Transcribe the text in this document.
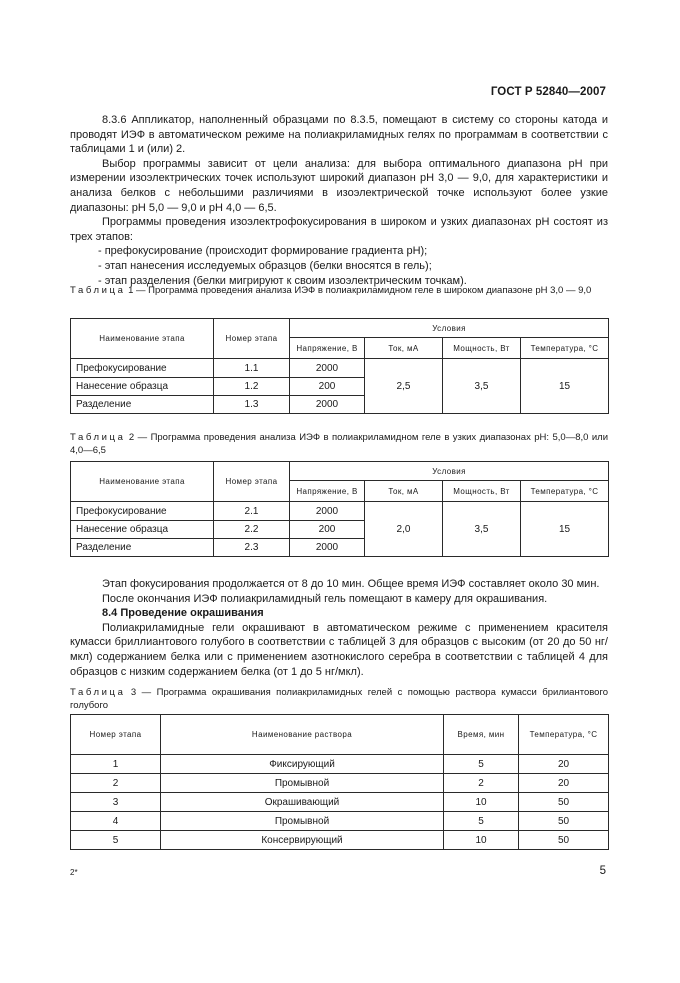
ГОСТ Р 52840—2007

8.3.6 Аппликатор, наполненный образцами по 8.3.5, помещают в систему со стороны катода и проводят ИЭФ в автоматическом режиме на полиакриламидных гелях по программам в соответствии с таблицами 1 и (или) 2.

Выбор программы зависит от цели анализа: для выбора оптимального диапазона pH при измерении изоэлектрических точек используют широкий диапазон pH 3,0 — 9,0, для характеристики и анализа белков с небольшими различиями в изоэлектрической точке используют более узкие диапазоны: pH 5,0 — 9,0 и pH 4,0 — 6,5.

Программы проведения изоэлектрофокусирования в широком и узких диапазонах pH состоят из трех этапов:

- префокусирование (происходит формирование градиента pH);

- этап нанесения исследуемых образцов (белки вносятся в гель);

- этап разделения (белки мигрируют к своим изоэлектрическим точкам).

Таблица 1 — Программа проведения анализа ИЭФ в полиакриламидном геле в широком диапазоне pH 3,0 — 9,0
Наименование этапа	Номер этапа	Условия			
		Напряжение, В	Ток, мА	Мощность, Вт	Температура, °С
Префокусирование	1.1	2000	2,5	3,5	15
Нанесение образца	1.2	200			
Разделение	1.3	2000			
Таблица 2 — Программа проведения анализа ИЭФ в полиакриламидном геле в узких диапазонах pH: 5,0—8,0 или 4,0—6,5
Наименование этапа	Номер этапа	Условия			
		Напряжение, В	Ток, мА	Мощность, Вт	Температура, °С
Префокусирование	2.1	2000	2,0	3,5	15
Нанесение образца	2.2	200			
Разделение	2.3	2000			

Этап фокусирования продолжается от 8 до 10 мин. Общее время ИЭФ составляет около 30 мин.

После окончания ИЭФ полиакриламидный гель помещают в камеру для окрашивания.

8.4 Проведение окрашивания

Полиакриламидные гели окрашивают в автоматическом режиме с применением красителя кумасси бриллиантового голубого в соответствии с таблицей 3 для образцов с высоким (от 20 до 50 нг/мкл) содержанием белка или с применением азотнокислого серебра в соответствии с таблицей 4 для образцов с низким содержанием белка (от 1 до 5 нг/мкл).

Таблица 3 — Программа окрашивания полиакриламидных гелей с помощью раствора кумасси брилиантового голубого
Номер этапа	Наименование раствора	Время, мин	Температура, °С
1	Фиксирующий	5	20
2	Промывной	2	20
3	Окрашивающий	10	50
4	Промывной	5	50
5	Консервирующий	10	50
2*	5
